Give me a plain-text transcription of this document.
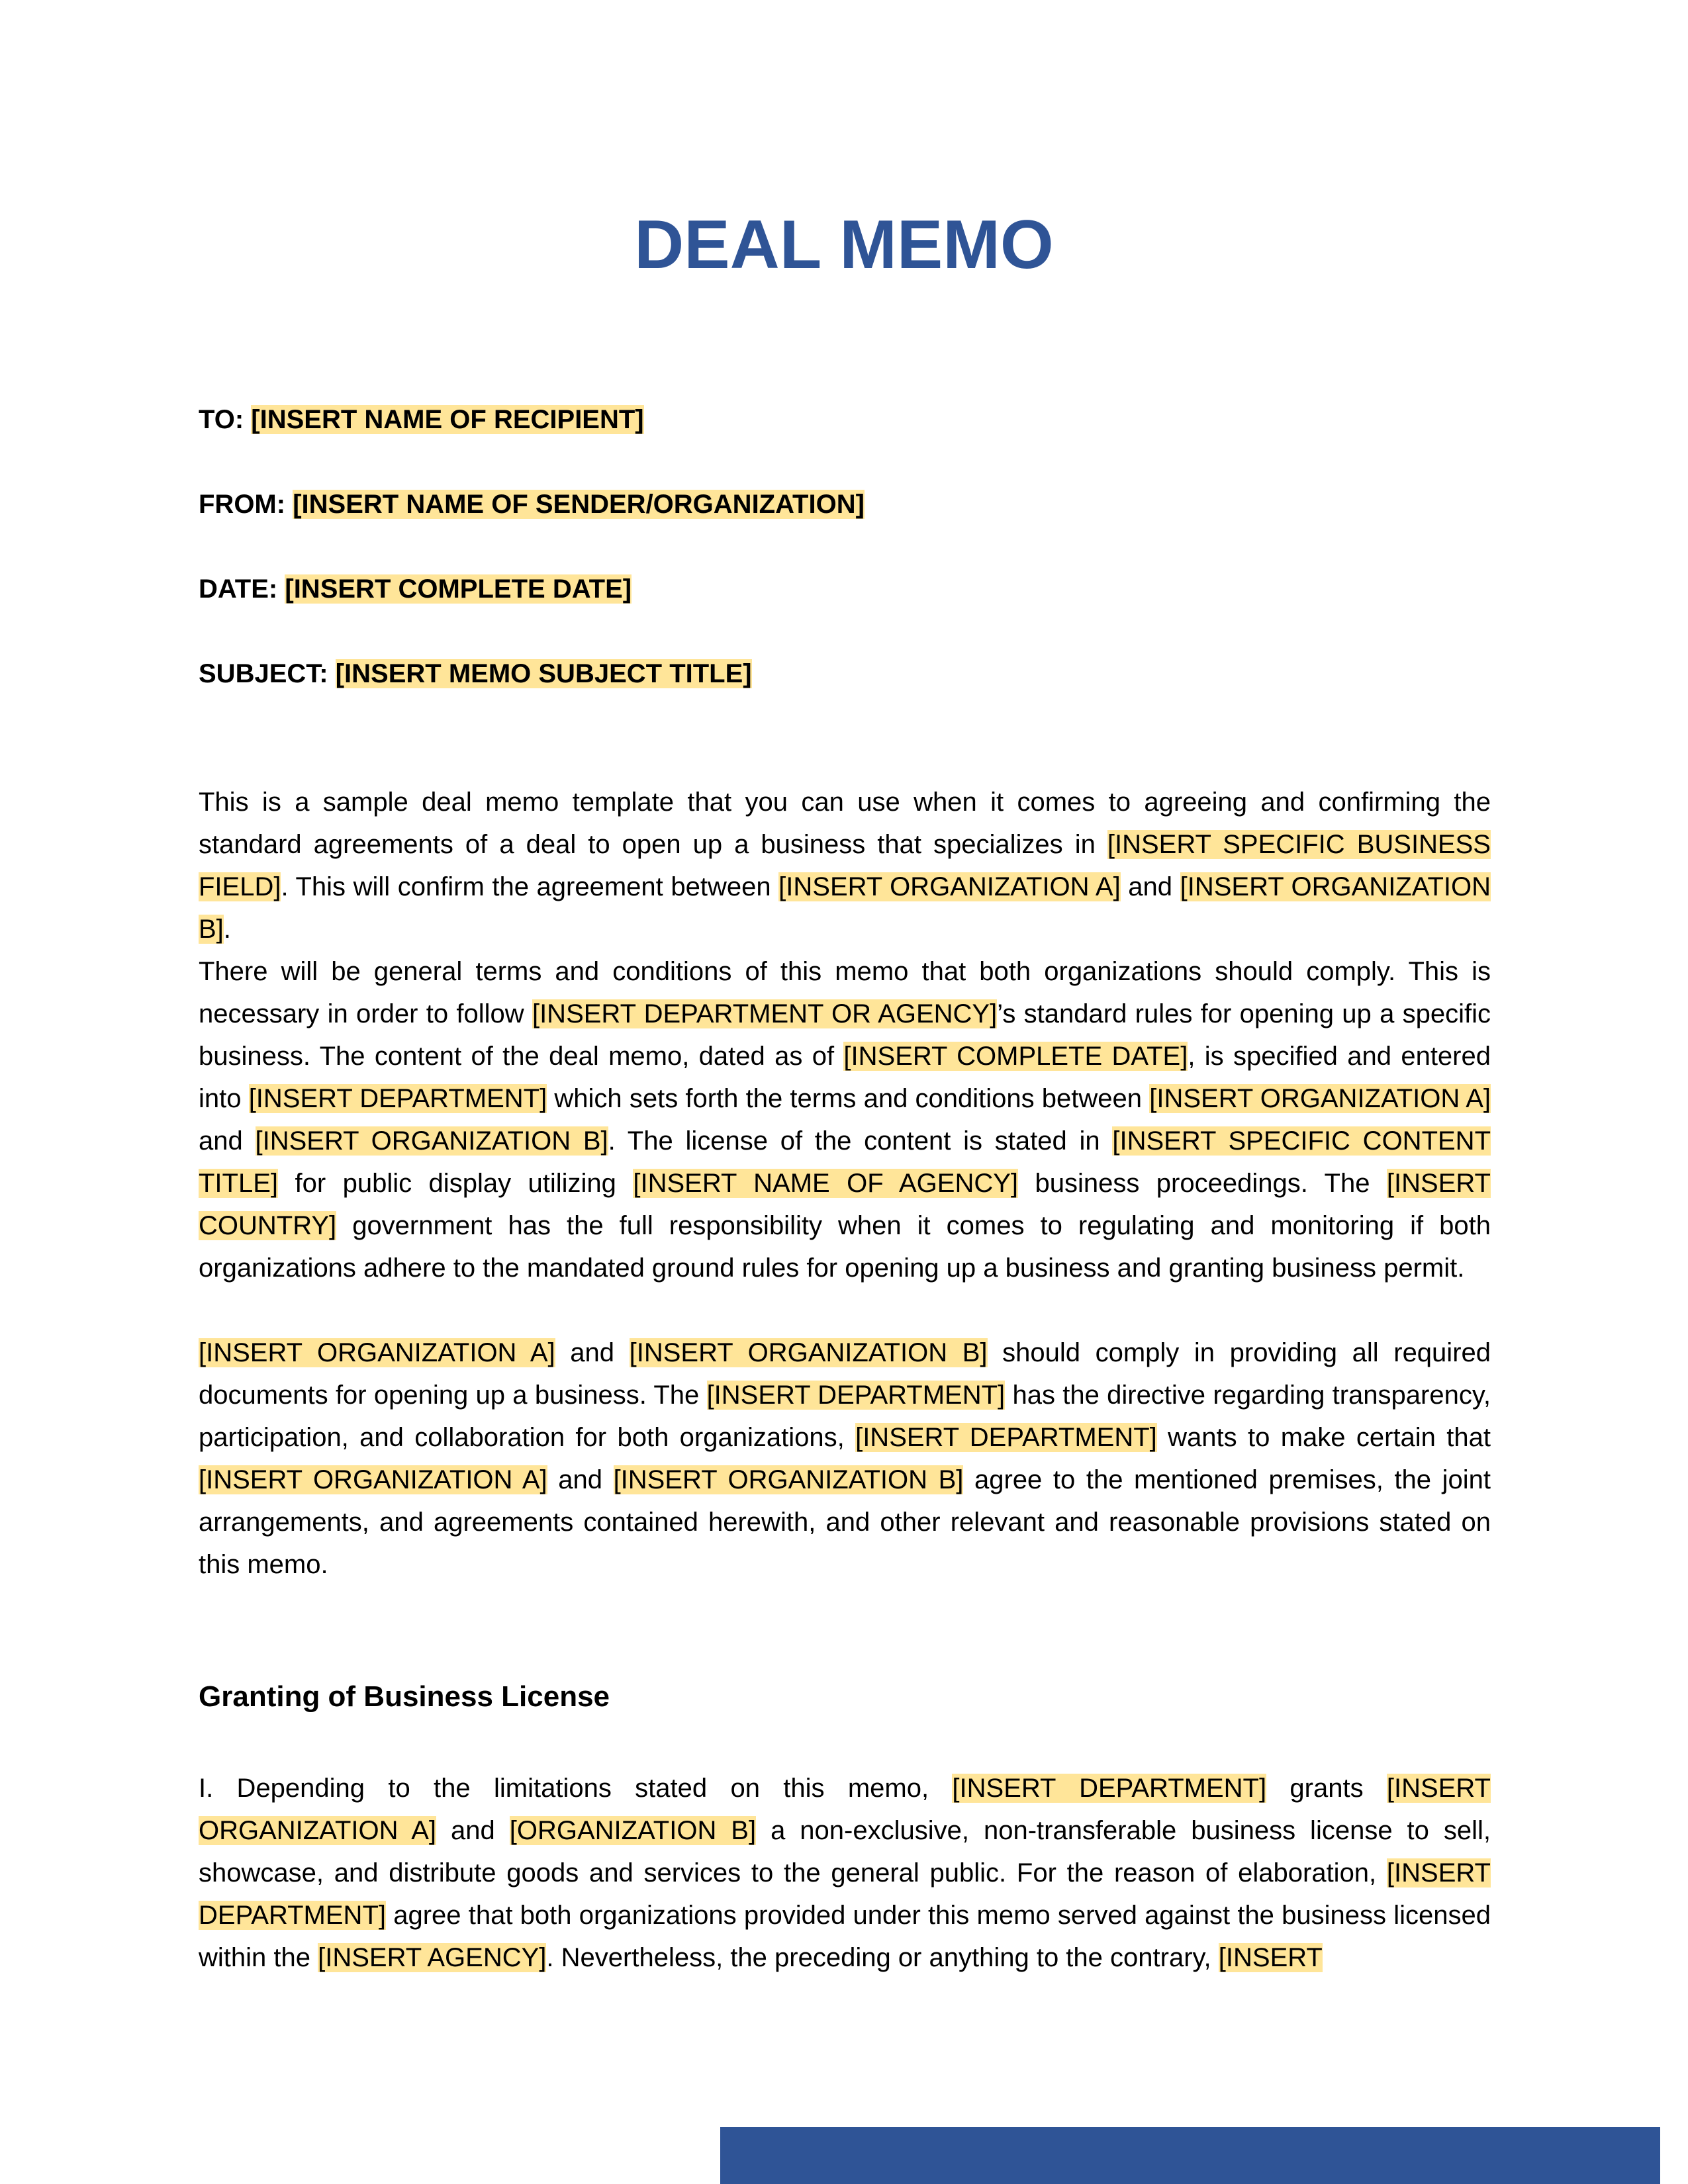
DEAL MEMO
TO: [INSERT NAME OF RECIPIENT]
FROM: [INSERT NAME OF SENDER/ORGANIZATION]
DATE: [INSERT COMPLETE DATE]
SUBJECT: [INSERT MEMO SUBJECT TITLE]

This is a sample deal memo template that you can use when it comes to agreeing and confirming the standard agreements of a deal to open up a business that specializes in [INSERT SPECIFIC BUSINESS FIELD]. This will confirm the agreement between [INSERT ORGANIZATION A] and [INSERT ORGANIZATION B].

There will be general terms and conditions of this memo that both organizations should comply. This is necessary in order to follow [INSERT DEPARTMENT OR AGENCY]’s standard rules for opening up a specific business. The content of the deal memo, dated as of [INSERT COMPLETE DATE], is specified and entered into [INSERT DEPARTMENT] which sets forth the terms and conditions between [INSERT ORGANIZATION A] and [INSERT ORGANIZATION B]. The license of the content is stated in [INSERT SPECIFIC CONTENT TITLE] for public display utilizing [INSERT NAME OF AGENCY] business proceedings. The [INSERT COUNTRY] government has the full responsibility when it comes to regulating and monitoring if both organizations adhere to the mandated ground rules for opening up a business and granting business permit.

[INSERT ORGANIZATION A] and [INSERT ORGANIZATION B] should comply in providing all required documents for opening up a business. The [INSERT DEPARTMENT] has the directive regarding transparency, participation, and collaboration for both organizations, [INSERT DEPARTMENT] wants to make certain that [INSERT ORGANIZATION A] and [INSERT ORGANIZATION B] agree to the mentioned premises, the joint arrangements, and agreements contained herewith, and other relevant and reasonable provisions stated on this memo.

Granting of Business License

I. Depending to the limitations stated on this memo, [INSERT DEPARTMENT] grants [INSERT ORGANIZATION A] and [ORGANIZATION B] a non-exclusive, non-transferable business license to sell, showcase, and distribute goods and services to the general public. For the reason of elaboration, [INSERT DEPARTMENT] agree that both organizations provided under this memo served against the business licensed within the [INSERT AGENCY]. Nevertheless, the preceding or anything to the contrary, [INSERT
